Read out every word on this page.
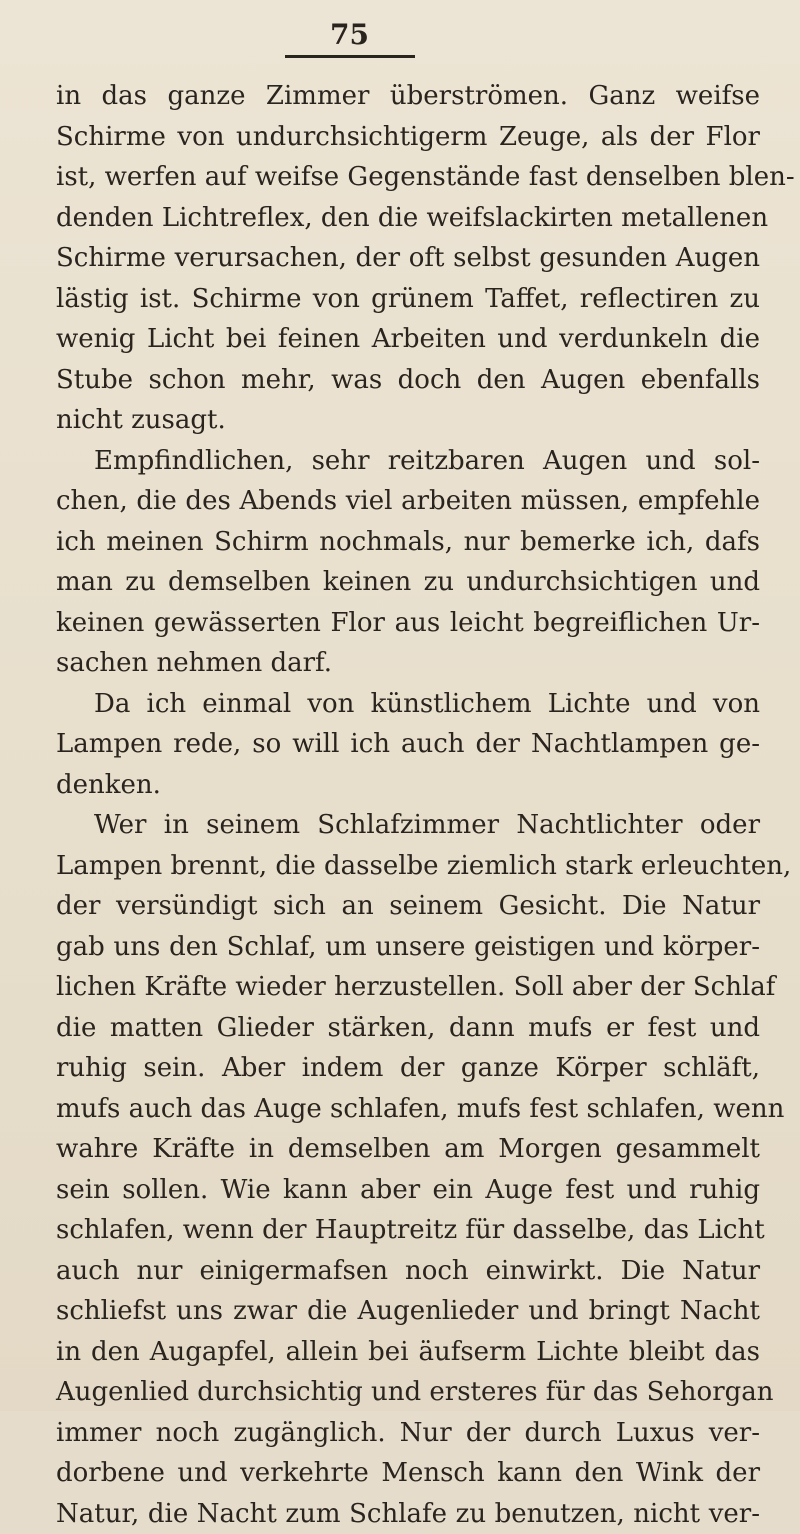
75
in das ganze Zimmer überströmen. Ganz weifse
Schirme von undurchsichtigerm Zeuge, als der Flor
ist, werfen auf weifse Gegenstände fast denselben blen-
denden Lichtreflex, den die weifslackirten metallenen
Schirme verursachen, der oft selbst gesunden Augen
lästig ist. Schirme von grünem Taffet, reflectiren zu
wenig Licht bei feinen Arbeiten und verdunkeln die
Stube schon mehr, was doch den Augen ebenfalls
nicht zusagt.
Empfindlichen, sehr reitzbaren Augen und sol-
chen, die des Abends viel arbeiten müssen, empfehle
ich meinen Schirm nochmals, nur bemerke ich, dafs
man zu demselben keinen zu undurchsichtigen und
keinen gewässerten Flor aus leicht begreiflichen Ur-
sachen nehmen darf.
Da ich einmal von künstlichem Lichte und von
Lampen rede, so will ich auch der Nachtlampen ge-
denken.
Wer in seinem Schlafzimmer Nachtlichter oder
Lampen brennt, die dasselbe ziemlich stark erleuchten,
der versündigt sich an seinem Gesicht. Die Natur
gab uns den Schlaf, um unsere geistigen und körper-
lichen Kräfte wieder herzustellen. Soll aber der Schlaf
die matten Glieder stärken, dann mufs er fest und
ruhig sein. Aber indem der ganze Körper schläft,
mufs auch das Auge schlafen, mufs fest schlafen, wenn
wahre Kräfte in demselben am Morgen gesammelt
sein sollen. Wie kann aber ein Auge fest und ruhig
schlafen, wenn der Hauptreitz für dasselbe, das Licht
auch nur einigermafsen noch einwirkt. Die Natur
schliefst uns zwar die Augenlieder und bringt Nacht
in den Augapfel, allein bei äufserm Lichte bleibt das
Augenlied durchsichtig und ersteres für das Sehorgan
immer noch zugänglich. Nur der durch Luxus ver-
dorbene und verkehrte Mensch kann den Wink der
Natur, die Nacht zum Schlafe zu benutzen, nicht ver-
